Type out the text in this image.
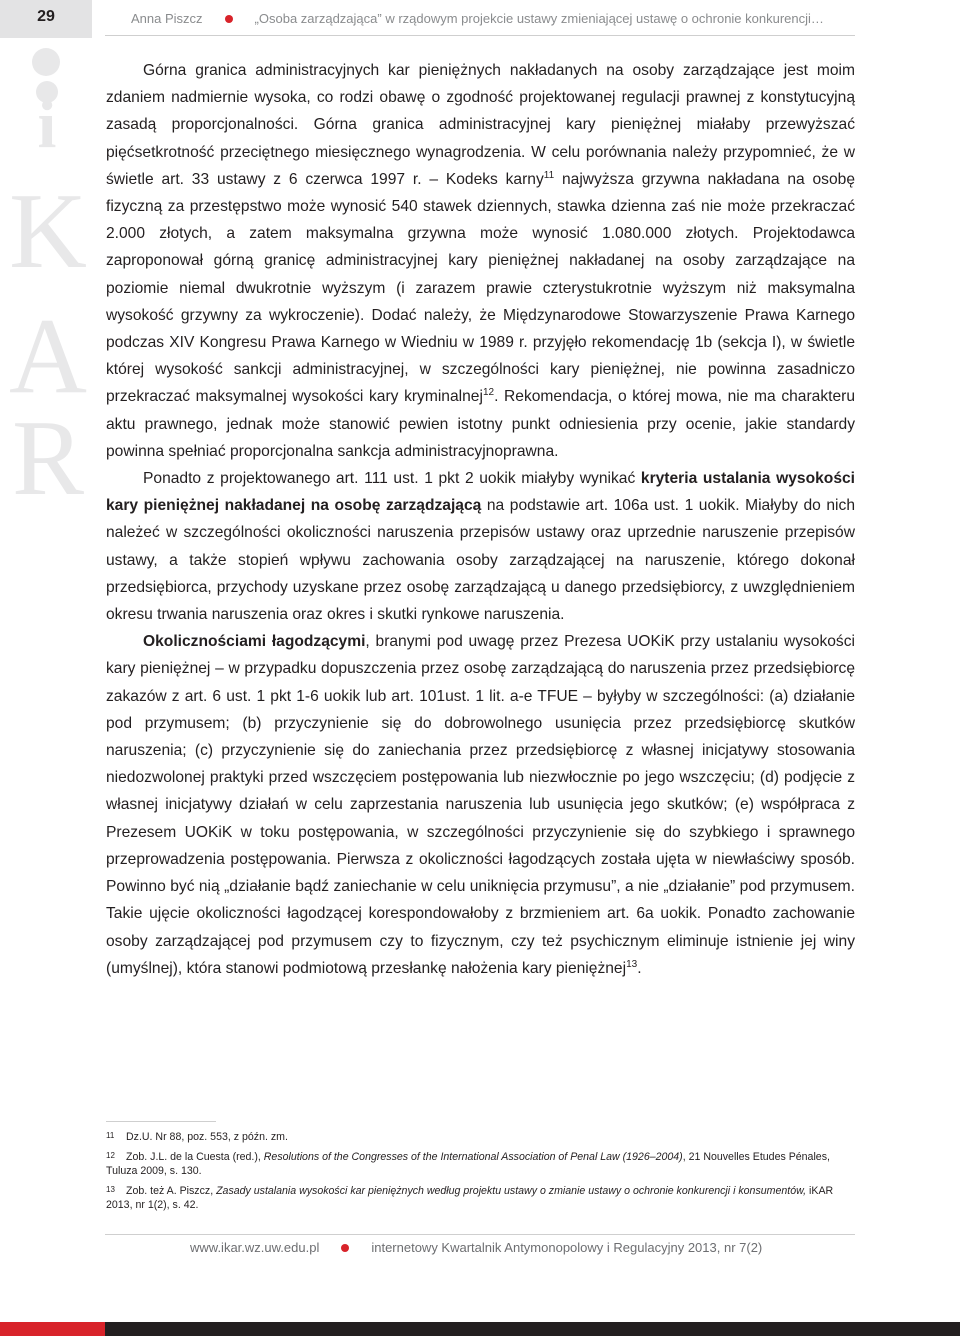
29	Anna Piszcz	„Osoba zarządzająca” w rządowym projekcie ustawy zmieniającej ustawę o ochronie konkurencji…
i
K
A
R

Górna granica administracyjnych kar pieniężnych nakładanych na osoby zarządzające jest moim zdaniem nadmiernie wysoka, co rodzi obawę o zgodność projektowanej regulacji prawnej z konstytucyjną zasadą proporcjonalności. Górna granica administracyjnej kary pieniężnej miałaby przewyższać pięćsetkrotność przeciętnego miesięcznego wynagrodzenia. W celu porównania należy przypomnieć, że w świetle art. 33 ustawy z 6 czerwca 1997 r. – Kodeks karny$^{11}$ najwyższa grzywna nakładana na osobę fizyczną za przestępstwo może wynosić 540 stawek dziennych, stawka dzienna zaś nie może przekraczać 2.000 złotych, a zatem maksymalna grzywna może wynosić 1.080.000 złotych. Projektodawca zaproponował górną granicę administracyjnej kary pieniężnej nakładanej na osoby zarządzające na poziomie niemal dwukrotnie wyższym (i zarazem prawie czterystukrotnie wyższym niż maksymalna wysokość grzywny za wykroczenie). Dodać należy, że Międzynarodowe Stowarzyszenie Prawa Karnego podczas XIV Kongresu Prawa Karnego w Wiedniu w 1989 r. przyjęło rekomendację 1b (sekcja I), w świetle której wysokość sankcji administracyjnej, w szczególności kary pieniężnej, nie powinna zasadniczo przekraczać maksymalnej wysokości kary kryminalnej$^{12}$. Rekomendacja, o której mowa, nie ma charakteru aktu prawnego, jednak może stanowić pewien istotny punkt odniesienia przy ocenie, jakie standardy powinna spełniać proporcjonalna sankcja administracyjnoprawna.

Ponadto z projektowanego art. 111 ust. 1 pkt 2 uokik miałyby wynikać kryteria ustalania wysokości kary pieniężnej nakładanej na osobę zarządzającą na podstawie art. 106a ust. 1 uokik. Miałyby do nich należeć w szczególności okoliczności naruszenia przepisów ustawy oraz uprzednie naruszenie przepisów ustawy, a także stopień wpływu zachowania osoby zarządzającej na naruszenie, którego dokonał przedsiębiorca, przychody uzyskane przez osobę zarządzającą u danego przedsiębiorcy, z uwzględnieniem okresu trwania naruszenia oraz okres i skutki rynkowe naruszenia.

Okolicznościami łagodzącymi, branymi pod uwagę przez Prezesa UOKiK przy ustalaniu wysokości kary pieniężnej – w przypadku dopuszczenia przez osobę zarządzającą do naruszenia przez przedsiębiorcę zakazów z art. 6 ust. 1 pkt 1-6 uokik lub art. 101ust. 1 lit. a-e TFUE – byłyby w szczególności: (a) działanie pod przymusem; (b) przyczynienie się do dobrowolnego usunięcia przez przedsiębiorcę skutków naruszenia; (c) przyczynienie się do zaniechania przez przedsiębiorcę z własnej inicjatywy stosowania niedozwolonej praktyki przed wszczęciem postępowania lub niezwłocznie po jego wszczęciu; (d) podjęcie z własnej inicjatywy działań w celu zaprzestania naruszenia lub usunięcia jego skutków; (e) współpraca z Prezesem UOKiK w toku postępowania, w szczególności przyczynienie się do szybkiego i sprawnego przeprowadzenia postępowania. Pierwsza z okoliczności łagodzących została ujęta w niewłaściwy sposób. Powinno być nią „działanie bądź zaniechanie w celu uniknięcia przymusu”, a nie „działanie” pod przymusem. Takie ujęcie okoliczności łagodzącej korespondowałoby z brzmieniem art. 6a uokik. Ponadto zachowanie osoby zarządzającej pod przymusem czy to fizycznym, czy też psychicznym eliminuje istnienie jej winy (umyślnej), która stanowi podmiotową przesłankę nałożenia kary pieniężnej$^{13}$.

11 Dz.U. Nr 88, poz. 553, z późn. zm.
12 Zob. J.L. de la Cuesta (red.), Resolutions of the Congresses of the International Association of Penal Law (1926–2004), 21 Nouvelles Etudes Pénales, Tuluza 2009, s. 130.
13 Zob. też A. Piszcz, Zasady ustalania wysokości kar pieniężnych według projektu ustawy o zmianie ustawy o ochronie konkurencji i konsumentów, iKAR 2013, nr 1(2), s. 42.
www.ikar.wz.uw.edu.pl	internetowy Kwartalnik Antymonopolowy i Regulacyjny 2013, nr 7(2)
